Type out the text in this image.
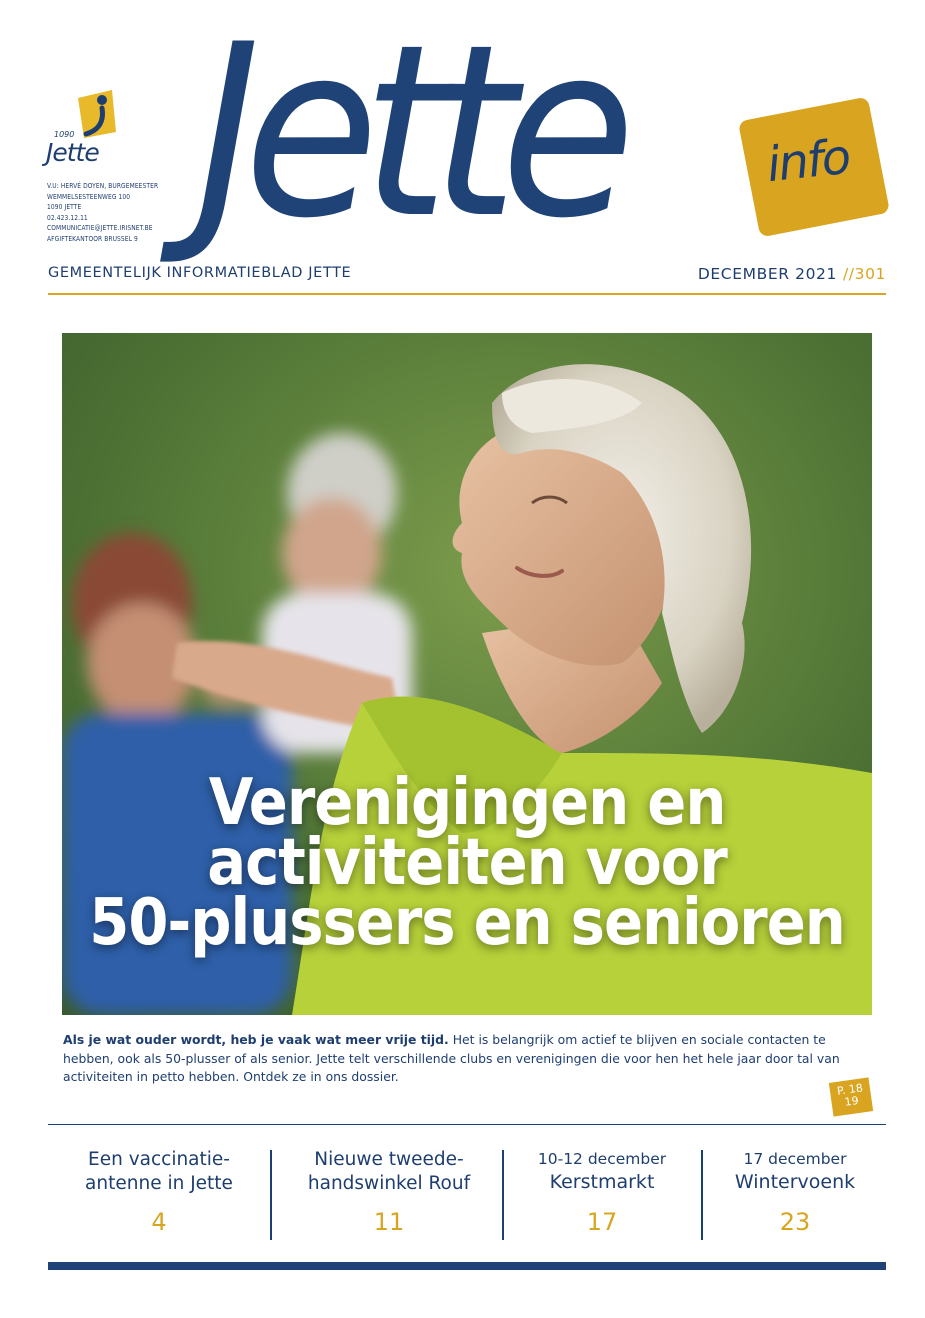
1090
Jette
V.U: HERVÉ DOYEN, BURGEMEESTER
WEMMELSESTEENWEG 100
1090 JETTE
02.423.12.11
COMMUNICATIE@JETTE.IRISNET.BE
AFGIFTEKANTOOR BRUSSEL 9 Jette	info
GEMEENTELIJK INFORMATIEBLAD JETTE	DECEMBER 2021 //301
Verenigingen en
activiteiten voor
50-plussers en senioren

Als je wat ouder wordt, heb je vaak wat meer vrije tijd. Het is belangrijk om actief te blijven en sociale contacten te hebben, ook als 50-plusser of als senior. Jette telt verschillende clubs en verenigingen die voor hen het hele jaar door tal van activiteiten in petto hebben. Ontdek ze in ons dossier.

P. 18
19
Een vaccinatie-
antenne in Jette
4
Nieuwe tweede-
handswinkel Rouf
11
10-12 december
Kerstmarkt
17
17 december
Wintervoenk
23
